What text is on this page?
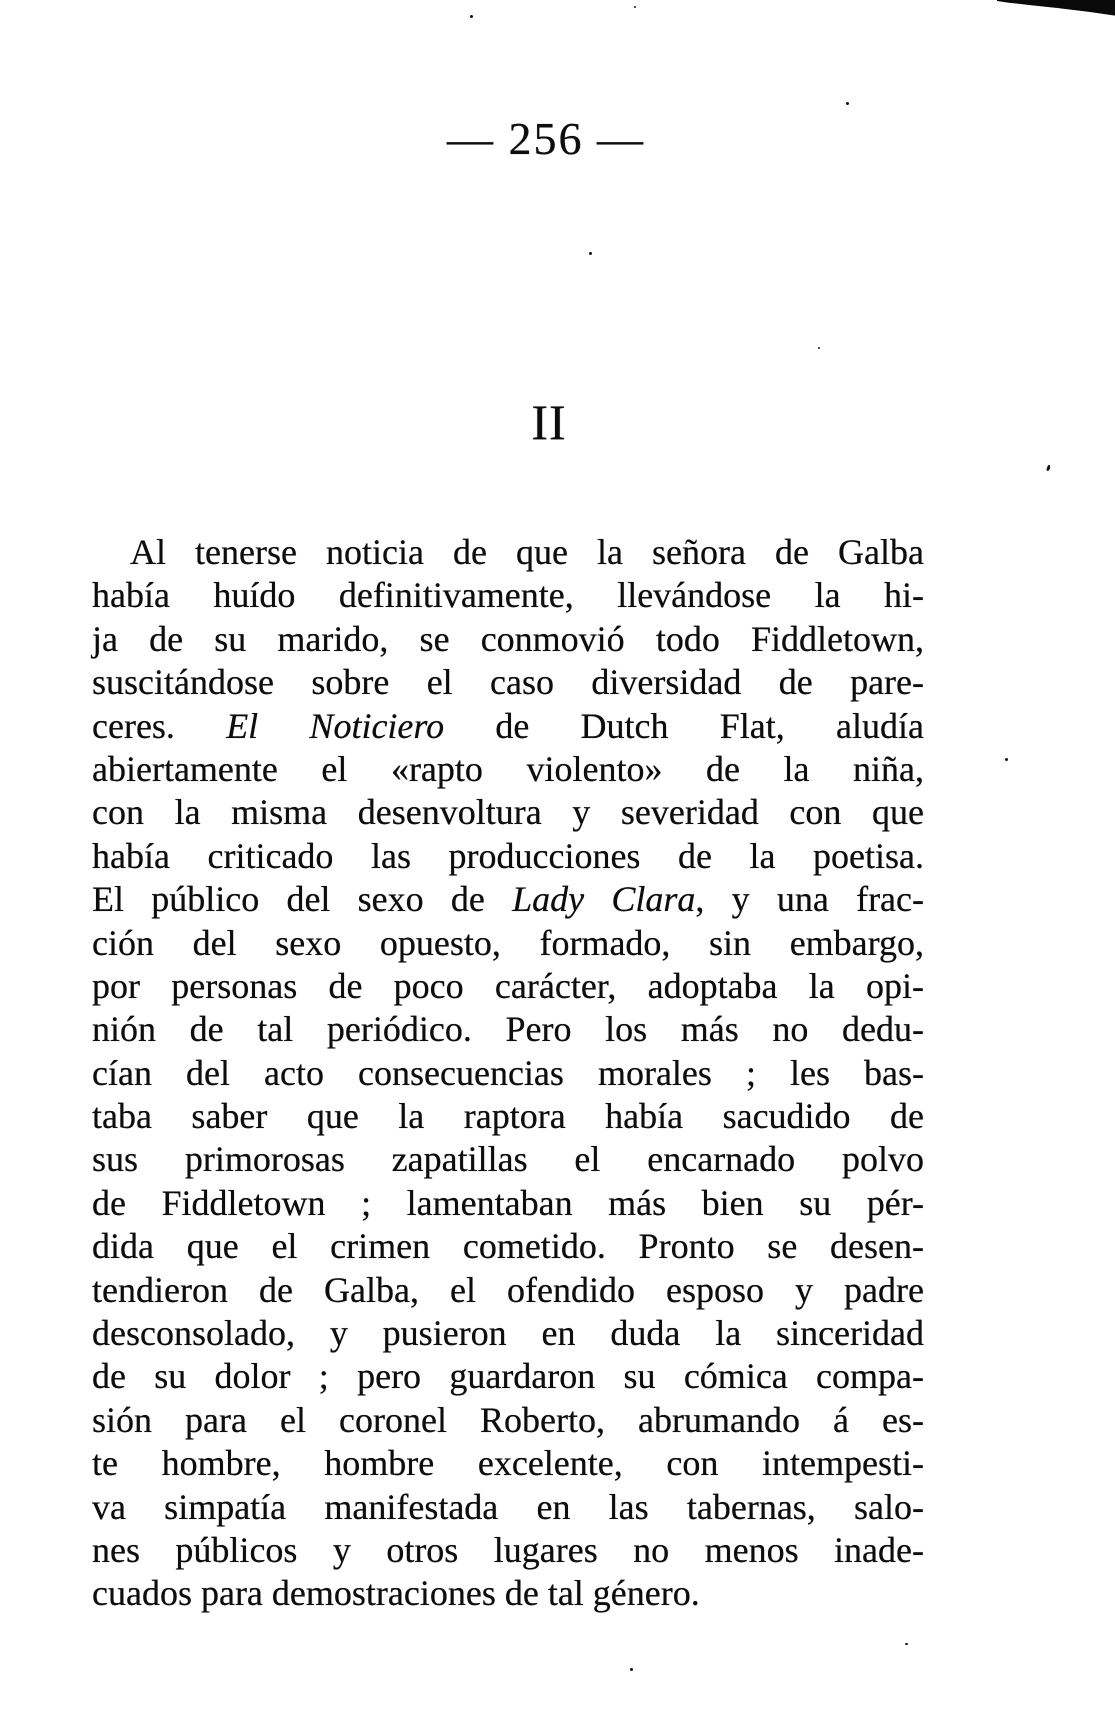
— 256 —
II
Al tenerse noticia de que la señora de Galba
había huído definitivamente, llevándose la hi-
ja de su marido, se conmovió todo Fiddletown,
suscitándose sobre el caso diversidad de pare-
ceres. El Noticiero de Dutch Flat, aludía
abiertamente el «rapto violento» de la niña,
con la misma desenvoltura y severidad con que
había criticado las producciones de la poetisa.
El público del sexo de Lady Clara, y una frac-
ción del sexo opuesto, formado, sin embargo,
por personas de poco carácter, adoptaba la opi-
nión de tal periódico. Pero los más no dedu-
cían del acto consecuencias morales ; les bas-
taba saber que la raptora había sacudido de
sus primorosas zapatillas el encarnado polvo
de Fiddletown ; lamentaban más bien su pér-
dida que el crimen cometido. Pronto se desen-
tendieron de Galba, el ofendido esposo y padre
desconsolado, y pusieron en duda la sinceridad
de su dolor ; pero guardaron su cómica compa-
sión para el coronel Roberto, abrumando á es-
te hombre, hombre excelente, con intempesti-
va simpatía manifestada en las tabernas, salo-
nes públicos y otros lugares no menos inade-
cuados para demostraciones de tal género.
